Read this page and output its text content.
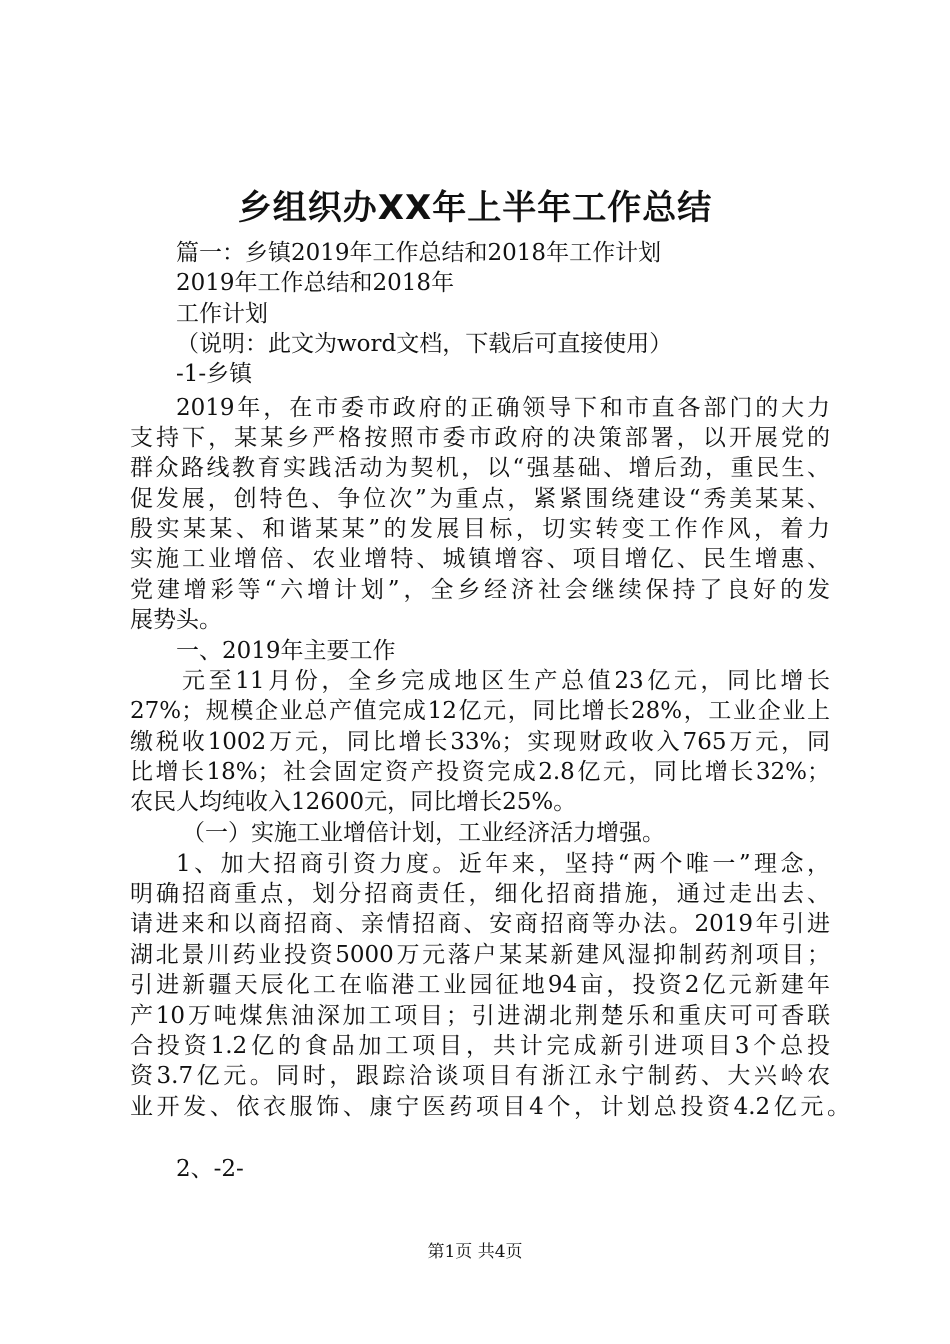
乡组织办XX年上半年工作总结
篇一：乡镇2019年工作总结和2018年工作计划
2019年工作总结和2018年
工作计划
（说明：此文为word文档，下载后可直接使用）
-1-乡镇
2019年，在市委市政府的正确领导下和市直各部门的大力
支持下，某某乡严格按照市委市政府的决策部署，以开展党的
群众路线教育实践活动为契机，以“强基础、增后劲，重民生、
促发展，创特色、争位次”为重点，紧紧围绕建设“秀美某某、
殷实某某、和谐某某”的发展目标，切实转变工作作风，着力
实施工业增倍、农业增特、城镇增容、项目增亿、民生增惠、
党建增彩等“六增计划”，全乡经济社会继续保持了良好的发
展势头。
一、2019年主要工作
元至11月份，全乡完成地区生产总值23亿元，同比增长
27%；规模企业总产值完成12亿元，同比增长28%，工业企业上
缴税收1002万元，同比增长33%；实现财政收入765万元，同
比增长18%；社会固定资产投资完成2.8亿元，同比增长32%；
农民人均纯收入12600元，同比增长25%。
（一）实施工业增倍计划，工业经济活力增强。
1、加大招商引资力度。近年来，坚持“两个唯一”理念，
明确招商重点，划分招商责任，细化招商措施，通过走出去、
请进来和以商招商、亲情招商、安商招商等办法。2019年引进
湖北景川药业投资5000万元落户某某新建风湿抑制药剂项目；
引进新疆天辰化工在临港工业园征地94亩，投资2亿元新建年
产10万吨煤焦油深加工项目；引进湖北荆楚乐和重庆可可香联
合投资1.2亿的食品加工项目，共计完成新引进项目3个总投
资3.7亿元。同时，跟踪洽谈项目有浙江永宁制药、大兴岭农
业开发、依衣服饰、康宁医药项目4个，计划总投资4.2亿元。
2、-2-
第1页 共4页
